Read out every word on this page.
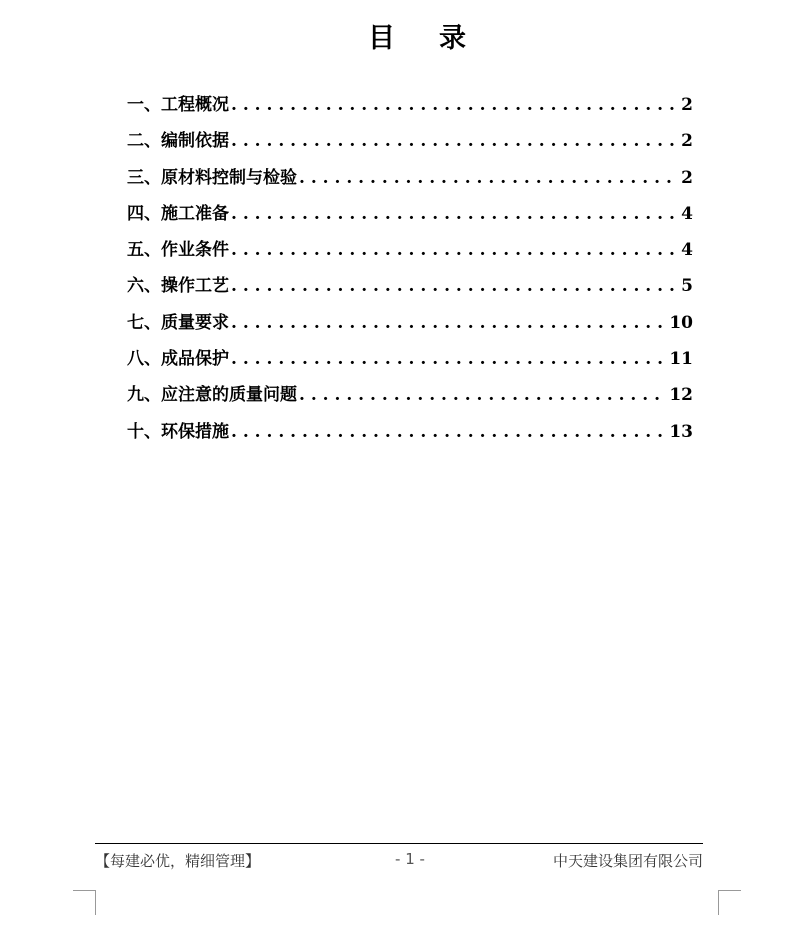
目 录
一、工程概况 . . .	2
二、编制依据 . . .	2
三、原材料控制与检验 . . .	2
四、施工准备 . . .	4
五、作业条件 . . .	4
六、操作工艺 . . .	5
七、质量要求 . . .	10
八、成品保护 . . .	11
九、应注意的质量问题 . . .	12
十、环保措施 . . .	13
【每建必优，精细管理】	- 1 -	中天建设集团有限公司
